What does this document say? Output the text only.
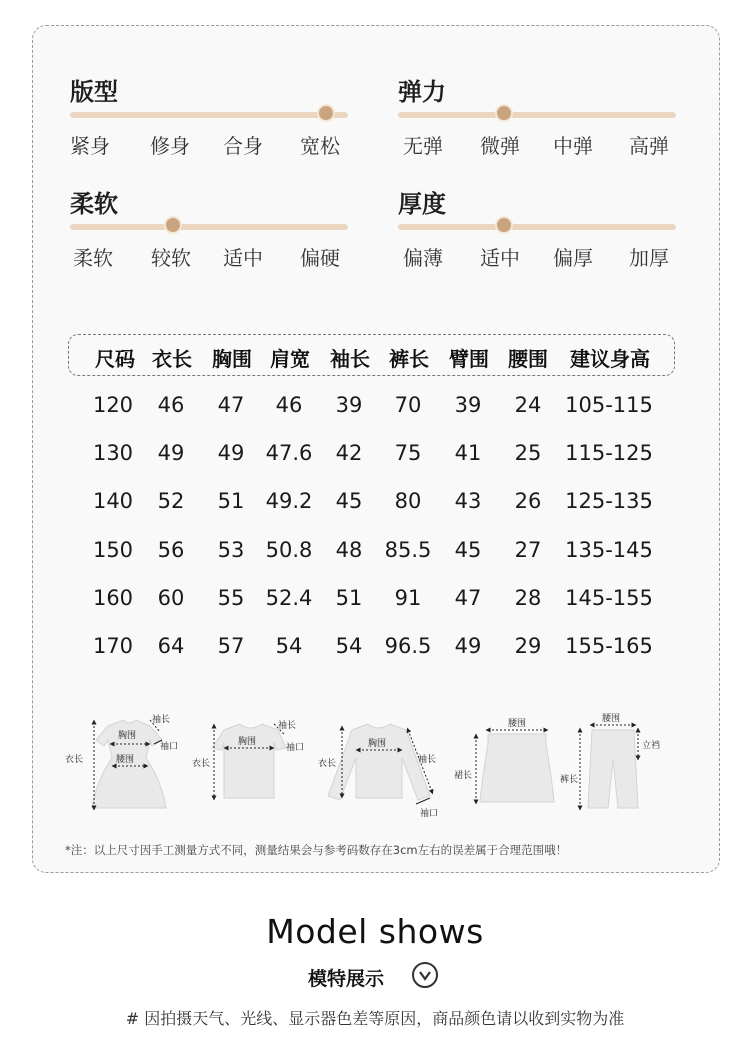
版型
紧身 修身 合身 宽松
弹力
无弹 微弹 中弹 高弹
柔软
柔软 较软 适中 偏硬
厚度
偏薄 适中 偏厚 加厚
尺码 衣长 胸围 肩宽 袖长 裤长 臂围 腰围 建议身高
120 46 47 46 39 70 39 24 105-115
130 49 49 47.6 42 75 41 25 115-125
140 52 51 49.2 45 80 43 26 125-135
150 56 53 50.8 48 85.5 45 27 135-145
160 60 55 52.4 51 91 47 28 145-155
170 64 57 54 54 96.5 49 29 155-165
袖长
胸围
袖口
衣长	腰围
袖长
胸围
袖口
衣长
胸围
衣长	袖长
袖口
腰围
裙长
腰围
立裆
裤长
*注：以上尺寸因手工测量方式不同，测量结果会与参考码数存在3cm左右的误差属于合理范围哦！
Model shows
模特展示
# 因拍摄天气、光线、显示器色差等原因，商品颜色请以收到实物为准
